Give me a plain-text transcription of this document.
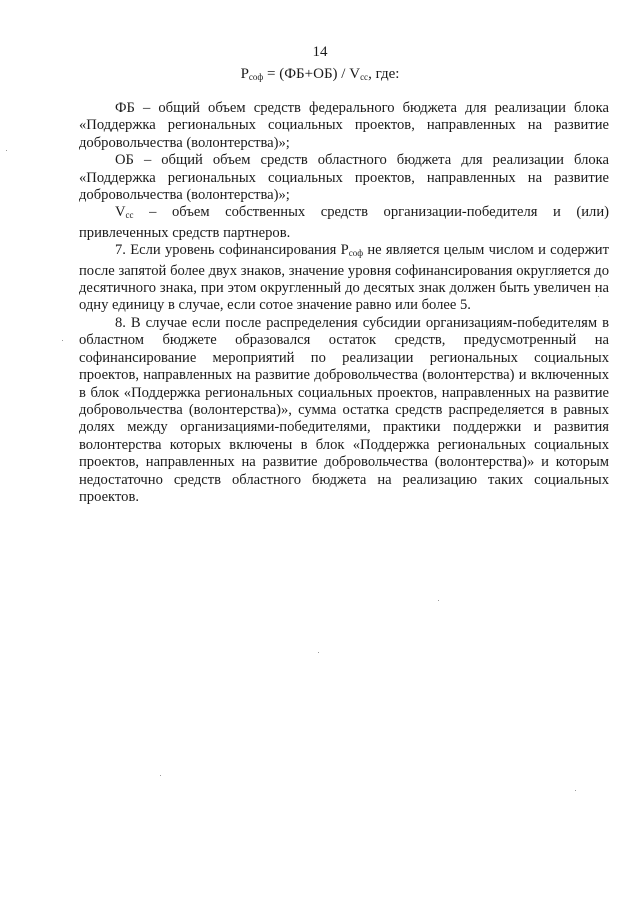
14
$P_{соф} = (ФБ+ОБ) / V_{сс}$, где:

ФБ – общий объем средств федерального бюджета для реализации блока «Поддержка региональных социальных проектов, направленных на развитие добровольчества (волонтерства)»;

ОБ – общий объем средств областного бюджета для реализации блока «Поддержка региональных социальных проектов, направленных на развитие добровольчества (волонтерства)»;

$V_{сс}$ – объем собственных средств организации-победителя и (или) привлеченных средств партнеров.

7. Если уровень софинансирования $P_{соф}$ не является целым числом и содержит после запятой более двух знаков, значение уровня софинансирования округляется до десятичного знака, при этом округленный до десятых знак должен быть увеличен на одну единицу в случае, если сотое значение равно или более 5.

8. В случае если после распределения субсидии организациям-победителям в областном бюджете образовался остаток средств, предусмотренный на софинансирование мероприятий по реализации региональных социальных проектов, направленных на развитие добровольчества (волонтерства) и включенных в блок «Поддержка региональных социальных проектов, направленных на развитие добровольчества (волонтерства)», сумма остатка средств распределяется в равных долях между организациями-победителями, практики поддержки и развития волонтерства которых включены в блок «Поддержка региональных социальных проектов, направленных на развитие добровольчества (волонтерства)» и которым недостаточно средств областного бюджета на реализацию таких социальных проектов.
